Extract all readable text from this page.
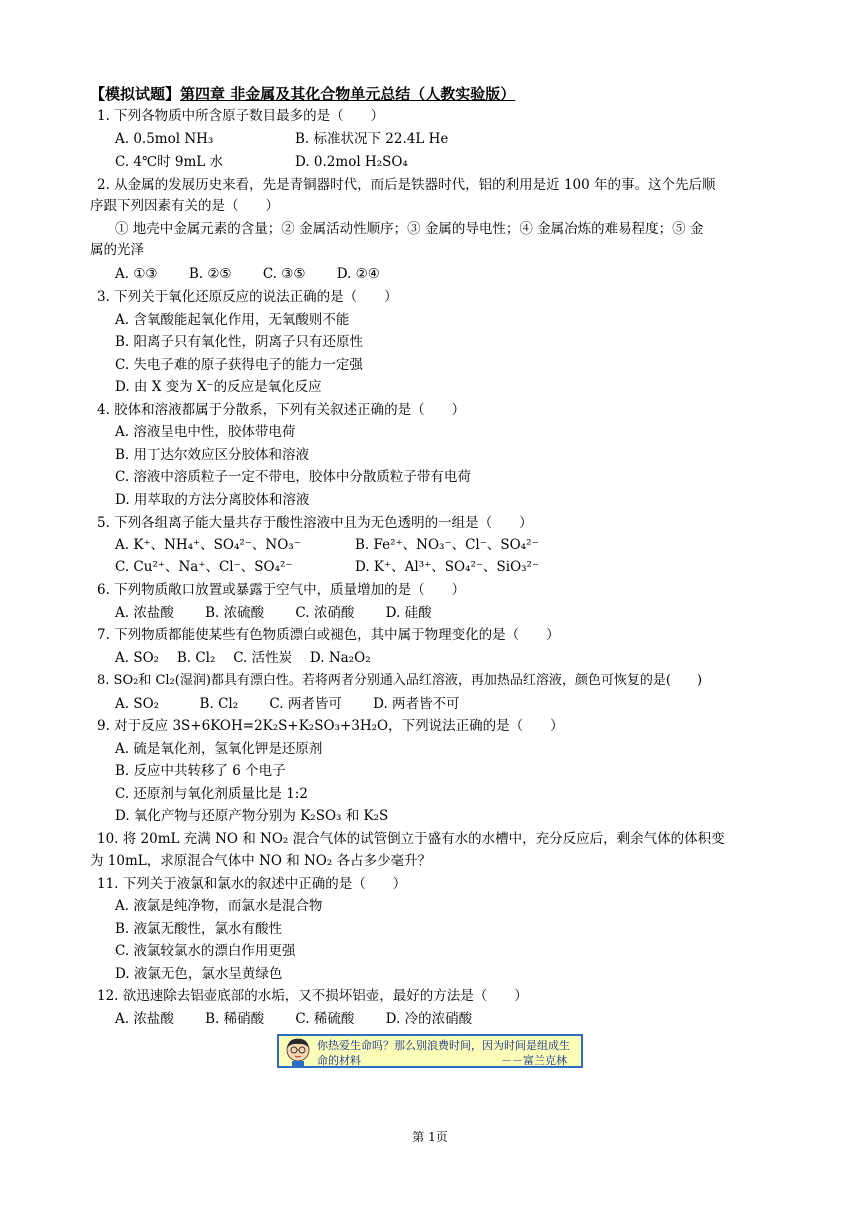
【模拟试题】第四章 非金属及其化合物单元总结（人教实验版）
1. 下列各物质中所含原子数目最多的是（　　）
A. 0.5mol NH₃	B. 标准状况下 22.4L He
C. 4℃时 9mL 水	D. 0.2mol H₂SO₄
2. 从金属的发展历史来看，先是青铜器时代，而后是铁器时代，铝的利用是近 100 年的事。这个先后顺
序跟下列因素有关的是（　　）
① 地壳中金属元素的含量；② 金属活动性顺序；③ 金属的导电性；④ 金属冶炼的难易程度；⑤ 金
属的光泽
A. ①③　　 B. ②⑤　　 C. ③⑤　　 D. ②④
3. 下列关于氧化还原反应的说法正确的是（　　）
A. 含氧酸能起氧化作用，无氧酸则不能
B. 阳离子只有氧化性，阴离子只有还原性
C. 失电子难的原子获得电子的能力一定强
D. 由 X 变为 X⁻的反应是氧化反应
4. 胶体和溶液都属于分散系，下列有关叙述正确的是（　　）
A. 溶液呈电中性，胶体带电荷
B. 用丁达尔效应区分胶体和溶液
C. 溶液中溶质粒子一定不带电，胶体中分散质粒子带有电荷
D. 用萃取的方法分离胶体和溶液
5. 下列各组离子能大量共存于酸性溶液中且为无色透明的一组是（　　）
A. K⁺、NH₄⁺、SO₄²⁻、NO₃⁻	B. Fe²⁺、NO₃⁻、Cl⁻、SO₄²⁻
C. Cu²⁺、Na⁺、Cl⁻、SO₄²⁻	D. K⁺、Al³⁺、SO₄²⁻、SiO₃²⁻
6. 下列物质敞口放置或暴露于空气中，质量增加的是（　　）
A. 浓盐酸　　 B. 浓硫酸　　 C. 浓硝酸　　 D. 硅酸
7. 下列物质都能使某些有色物质漂白或褪色，其中属于物理变化的是（　　）
A. SO₂　 B. Cl₂　 C. 活性炭　 D. Na₂O₂
8. SO₂和 Cl₂(湿润)都具有漂白性。若将两者分别通入品红溶液，再加热品红溶液，颜色可恢复的是(　　)
A. SO₂　　　B. Cl₂　　 C. 两者皆可　　 D. 两者皆不可
9. 对于反应 3S+6KOH=2K₂S+K₂SO₃+3H₂O，下列说法正确的是（　　）
A. 硫是氧化剂，氢氧化钾是还原剂
B. 反应中共转移了 6 个电子
C. 还原剂与氧化剂质量比是 1:2
D. 氧化产物与还原产物分别为 K₂SO₃ 和 K₂S
10. 将 20mL 充满 NO 和 NO₂ 混合气体的试管倒立于盛有水的水槽中，充分反应后，剩余气体的体积变
为 10mL，求原混合气体中 NO 和 NO₂ 各占多少毫升？
11. 下列关于液氯和氯水的叙述中正确的是（　　）
A. 液氯是纯净物，而氯水是混合物
B. 液氯无酸性，氯水有酸性
C. 液氯较氯水的漂白作用更强
D. 液氯无色，氯水呈黄绿色
12. 欲迅速除去铝壶底部的水垢，又不损坏铝壶，最好的方法是（　　）
A. 浓盐酸　　 B. 稀硝酸　　 C. 稀硫酸　　 D. 冷的浓硝酸
你热爱生命吗？那么别浪费时间，因为时间是组成生
命的材料	－－富兰克林
第 1页
